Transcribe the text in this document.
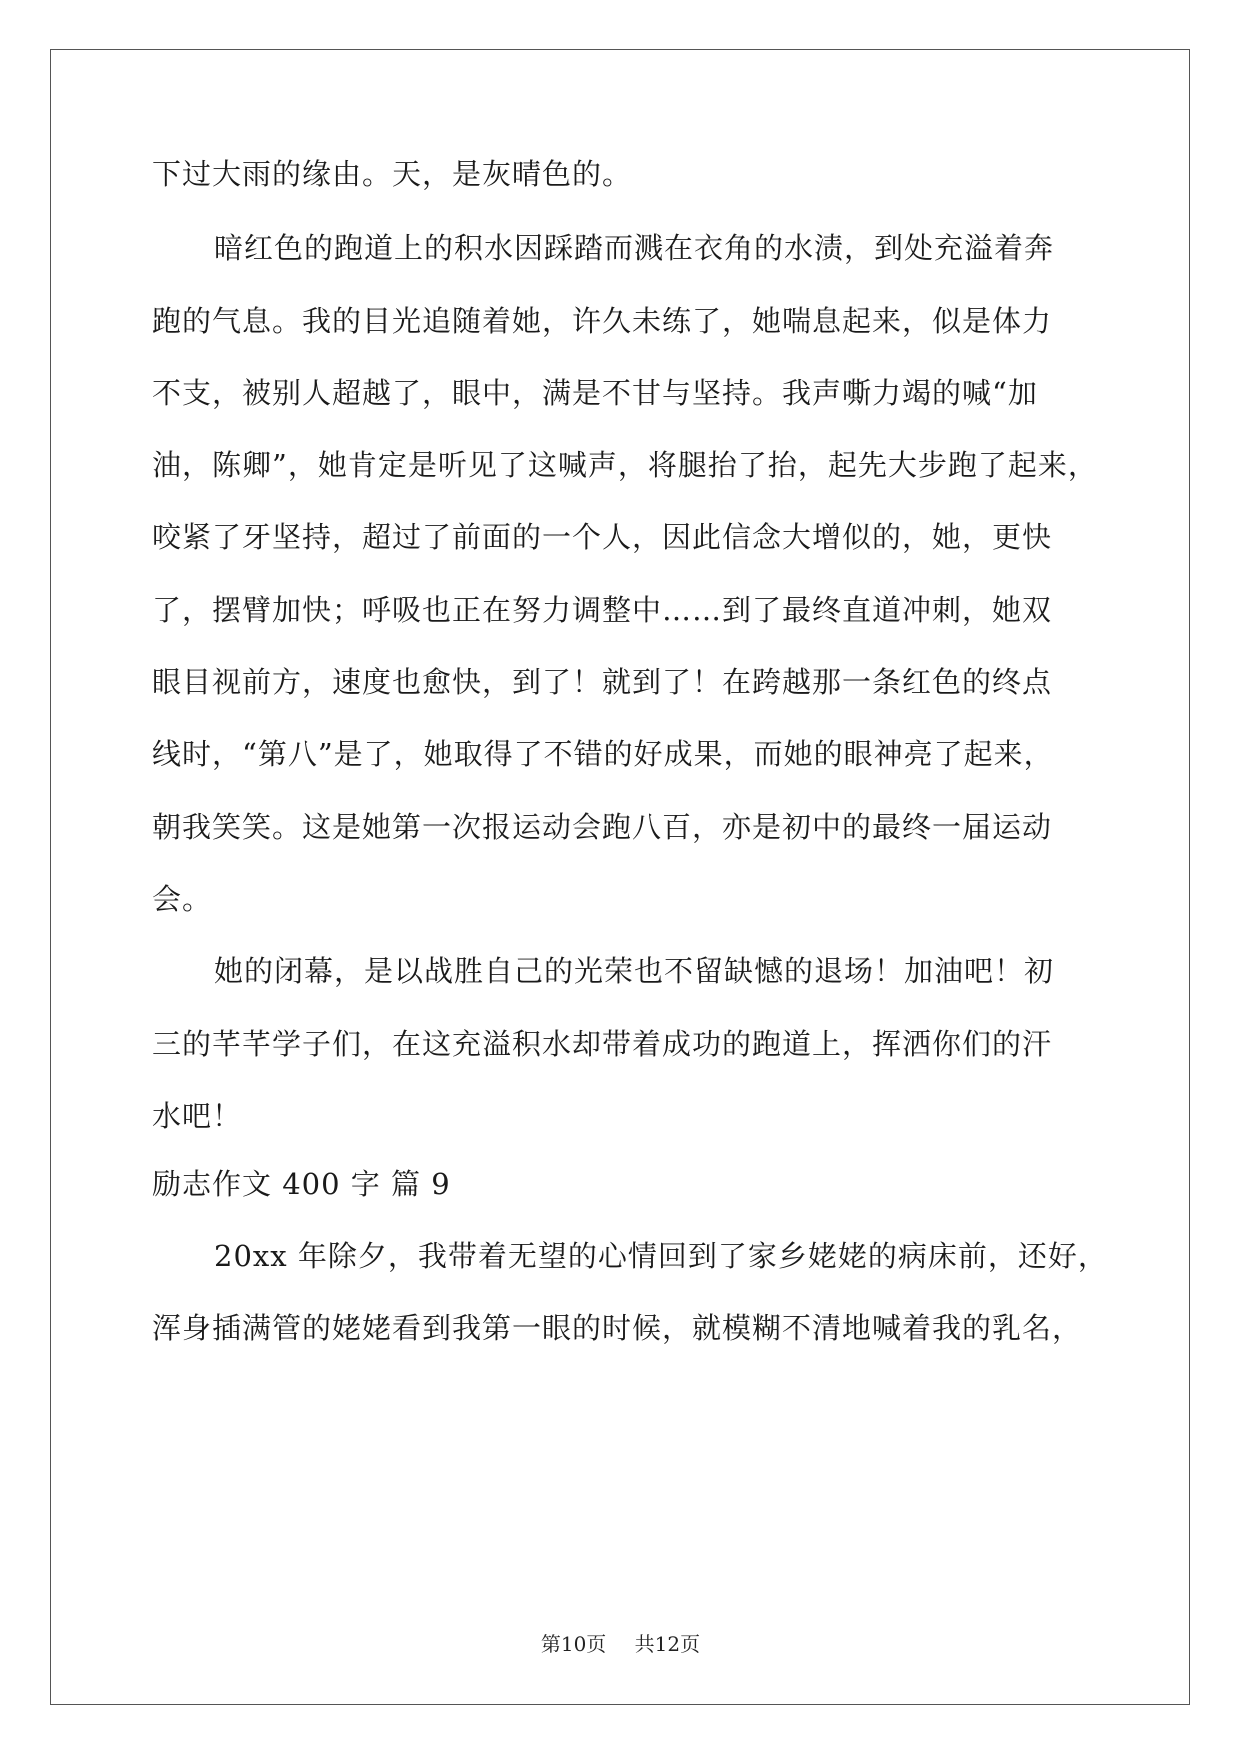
下过大雨的缘由。天，是灰晴色的。

暗红色的跑道上的积水因踩踏而溅在衣角的水渍，到处充溢着奔

跑的气息。我的目光追随着她，许久未练了，她喘息起来，似是体力

不支，被别人超越了，眼中，满是不甘与坚持。我声嘶力竭的喊“加

油，陈卿”，她肯定是听见了这喊声，将腿抬了抬，起先大步跑了起来，

咬紧了牙坚持，超过了前面的一个人，因此信念大增似的，她，更快

了，摆臂加快；呼吸也正在努力调整中……到了最终直道冲刺，她双

眼目视前方，速度也愈快，到了！就到了！在跨越那一条红色的终点

线时，“第八”是了，她取得了不错的好成果，而她的眼神亮了起来，

朝我笑笑。这是她第一次报运动会跑八百，亦是初中的最终一届运动

会。

她的闭幕，是以战胜自己的光荣也不留缺憾的退场！加油吧！初

三的芊芊学子们，在这充溢积水却带着成功的跑道上，挥洒你们的汗

水吧！

励志作文 400 字 篇 9

20xx 年除夕，我带着无望的心情回到了家乡姥姥的病床前，还好，

浑身插满管的姥姥看到我第一眼的时候，就模糊不清地喊着我的乳名，

第10页 共12页
